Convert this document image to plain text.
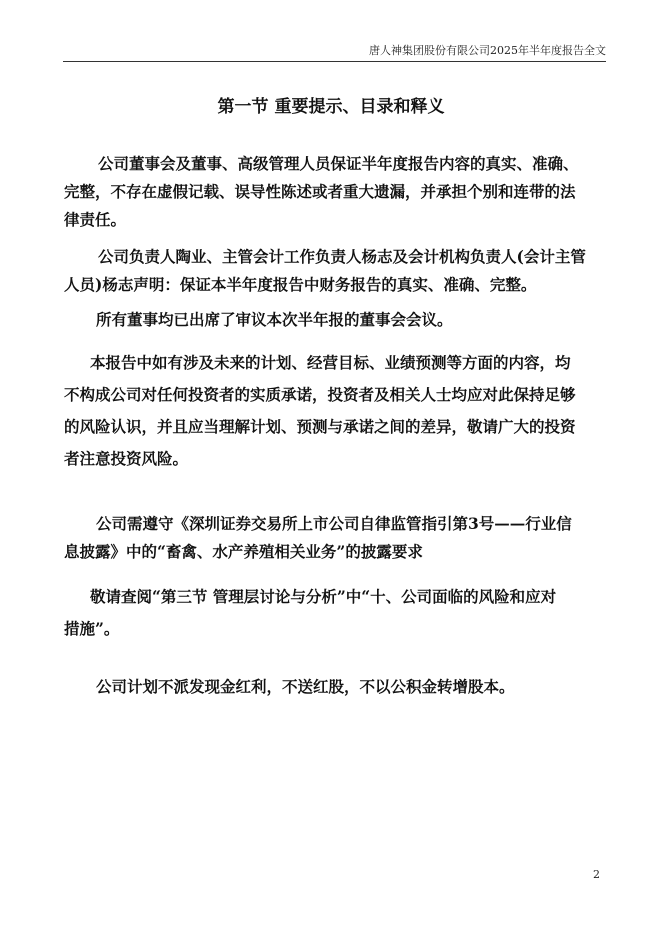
唐人神集团股份有限公司2025年半年度报告全文
第一节 重要提示、目录和释义
公司董事会及董事、高级管理人员保证半年度报告内容的真实、准确、
完整，不存在虚假记载、误导性陈述或者重大遗漏，并承担个别和连带的法
律责任。
公司负责人陶业、主管会计工作负责人杨志及会计机构负责人(会计主管
人员)杨志声明：保证本半年度报告中财务报告的真实、准确、完整。
所有董事均已出席了审议本次半年报的董事会会议。
本报告中如有涉及未来的计划、经营目标、业绩预测等方面的内容，均
不构成公司对任何投资者的实质承诺，投资者及相关人士均应对此保持足够
的风险认识，并且应当理解计划、预测与承诺之间的差异，敬请广大的投资
者注意投资风险。
公司需遵守《深圳证券交易所上市公司自律监管指引第3号——行业信
息披露》中的“畜禽、水产养殖相关业务”的披露要求
敬请查阅“第三节 管理层讨论与分析”中“十、公司面临的风险和应对
措施”。
公司计划不派发现金红利，不送红股，不以公积金转增股本。
2
